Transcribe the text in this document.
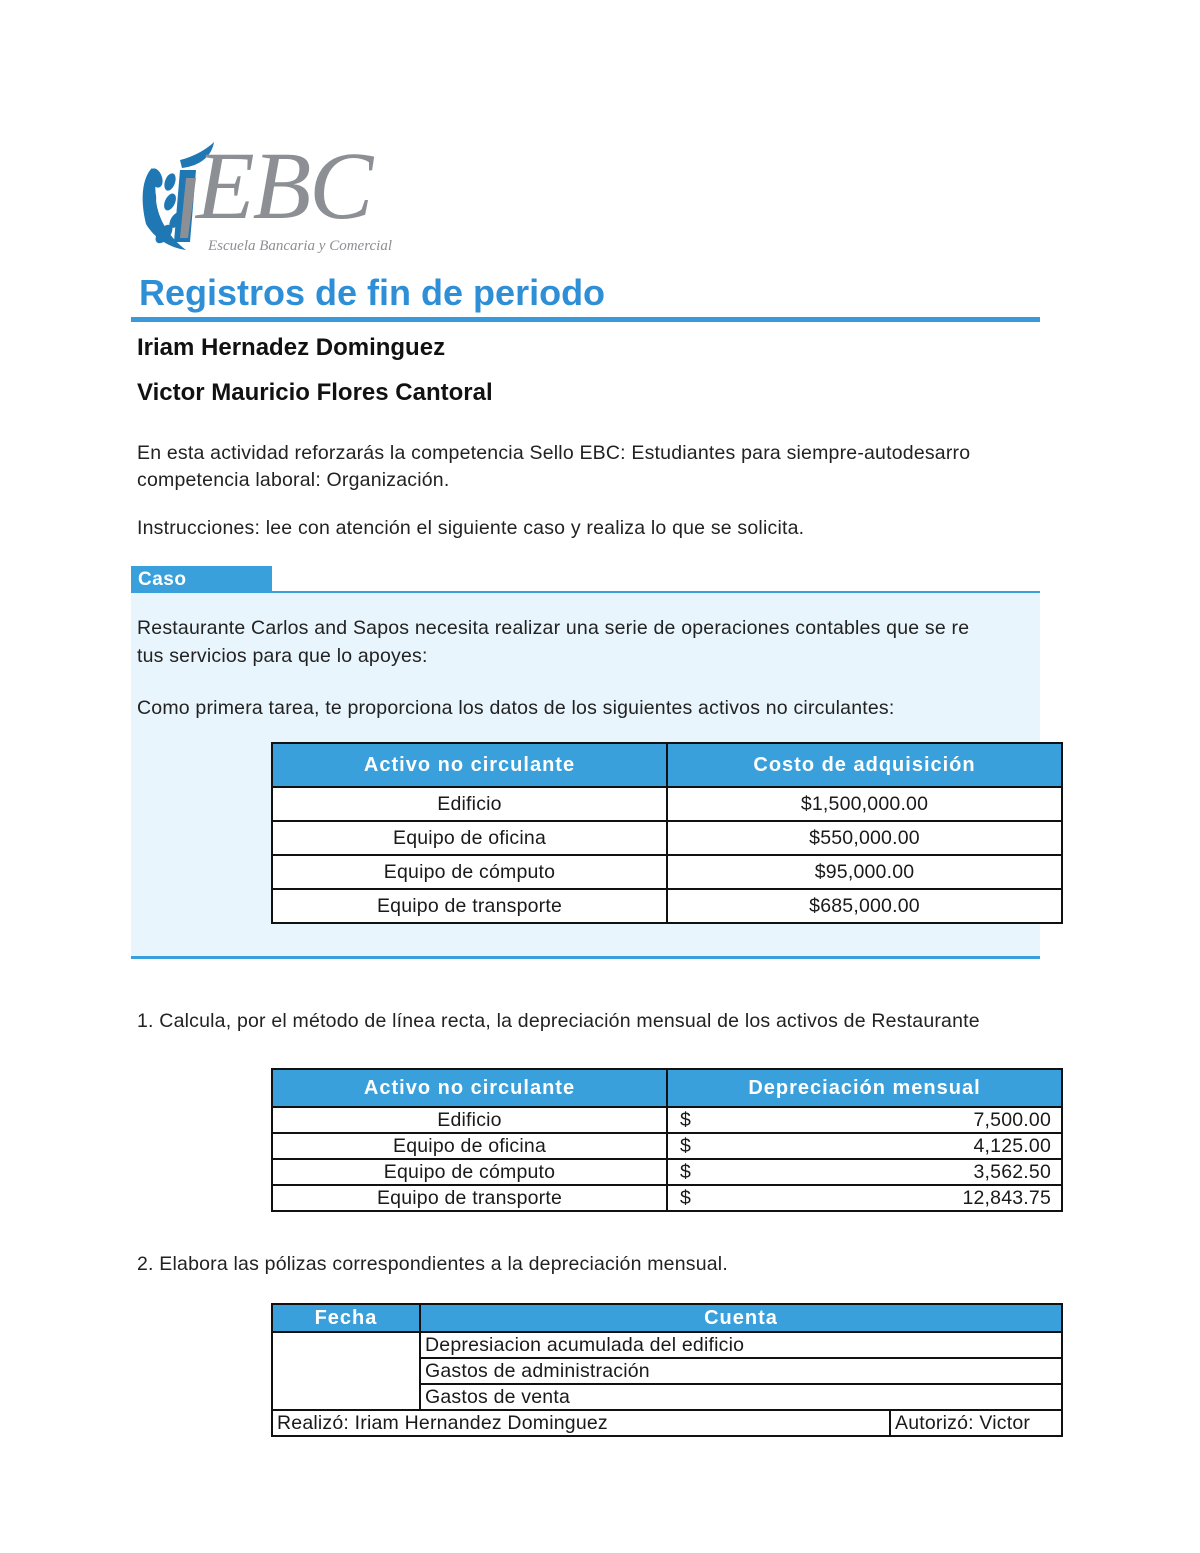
EBC
Escuela Bancaria y Comercial
Registros de fin de periodo
Iriam Hernadez Dominguez
Victor Mauricio Flores Cantoral
En esta actividad reforzarás la competencia Sello EBC: Estudiantes para siempre-autodesarro
competencia laboral: Organización.
Instrucciones: lee con atención el siguiente caso y realiza lo que se solicita.
Caso
Restaurante Carlos and Sapos necesita realizar una serie de operaciones contables que se re
tus servicios para que lo apoyes:
Como primera tarea, te proporciona los datos de los siguientes activos no circulantes:
Activo no circulante	Costo de adquisición
Edificio	$1,500,000.00
Equipo de oficina	$550,000.00
Equipo de cómputo	$95,000.00
Equipo de transporte	$685,000.00
1. Calcula, por el método de línea recta, la depreciación mensual de los activos de Restaurante
Activo no circulante	Depreciación mensual
Edificio	$ 7,500.00

Equipo de oficina	$ 4,125.00

Equipo de cómputo	$ 3,562.50

Equipo de transporte	$ 12,843.75
2. Elabora las pólizas correspondientes a la depreciación mensual.
Fecha	Cuenta	
	Depresiacion acumulada del edificio	
	Gastos de administración	
	Gastos de venta	
Realizó: Iriam Hernandez Dominguez		Autorizó: Victor
